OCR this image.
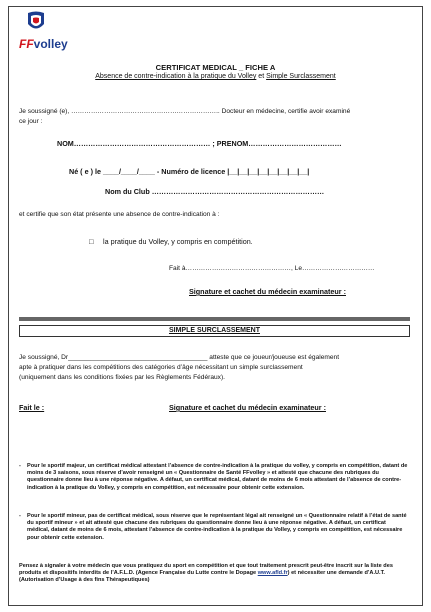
FFvolley
CERTIFICAT MEDICAL _ FICHE A
Absence de contre-indication à la pratique du Volley et Simple Surclassement
Je soussigné (e), ………………………………………………………….. Docteur en médecine, certifie avoir examiné
ce jour :
NOM………………………………………………… ; PRENOM…………………………………
Né ( e ) le ____/____/____ - Numéro de licence |__|__|__|__|__|__|__|__|
Nom du Club ………………………………………………………………
et certifie que son état présente une absence de contre-indication à :
□ la pratique du Volley, y compris en compétition.
Fait à…………………………………………, Le……………………………
Signature et cachet du médecin examinateur :
SIMPLE SURCLASSEMENT
Je soussigné, Dr______________________________________ atteste que ce joueur/joueuse est également
apte à pratiquer dans les compétitions des catégories d’âge nécessitant un simple surclassement
(uniquement dans les conditions fixées par les Règlements Fédéraux).
Fait le :	Signature et cachet du médecin examinateur :
- Pour le sportif majeur, un certificat médical attestant l’absence de contre-indication à la pratique du volley, y compris en compétition, datant de moins de 3 saisons, sous réserve d’avoir renseigné un « Questionnaire de Santé FFvolley » et attesté que chacune des rubriques du questionnaire donne lieu à une réponse négative. A défaut, un certificat médical, datant de moins de 6 mois attestant de l’absence de contre-indication à la pratique du Volley, y compris en compétition, est nécessaire pour obtenir cette extension.
- Pour le sportif mineur, pas de certificat médical, sous réserve que le représentant légal ait renseigné un « Questionnaire relatif à l’état de santé du sportif mineur » et ait attesté que chacune des rubriques du questionnaire donne lieu à une réponse négative. A défaut, un certificat médical, datant de moins de 6 mois, attestant l’absence de contre-indication à la pratique du Volley, y compris en compétition, est nécessaire pour obtenir cette extension.
Pensez à signaler à votre médecin que vous pratiquez du sport en compétition et que tout traitement prescrit peut-être inscrit sur la liste des produits et dispositifs interdits de l’A.F.L.D. (Agence Française du Lutte contre le Dopage www.afld.fr) et nécessiter une demande d’A.U.T. (Autorisation d’Usage à des fins Thérapeutiques)
